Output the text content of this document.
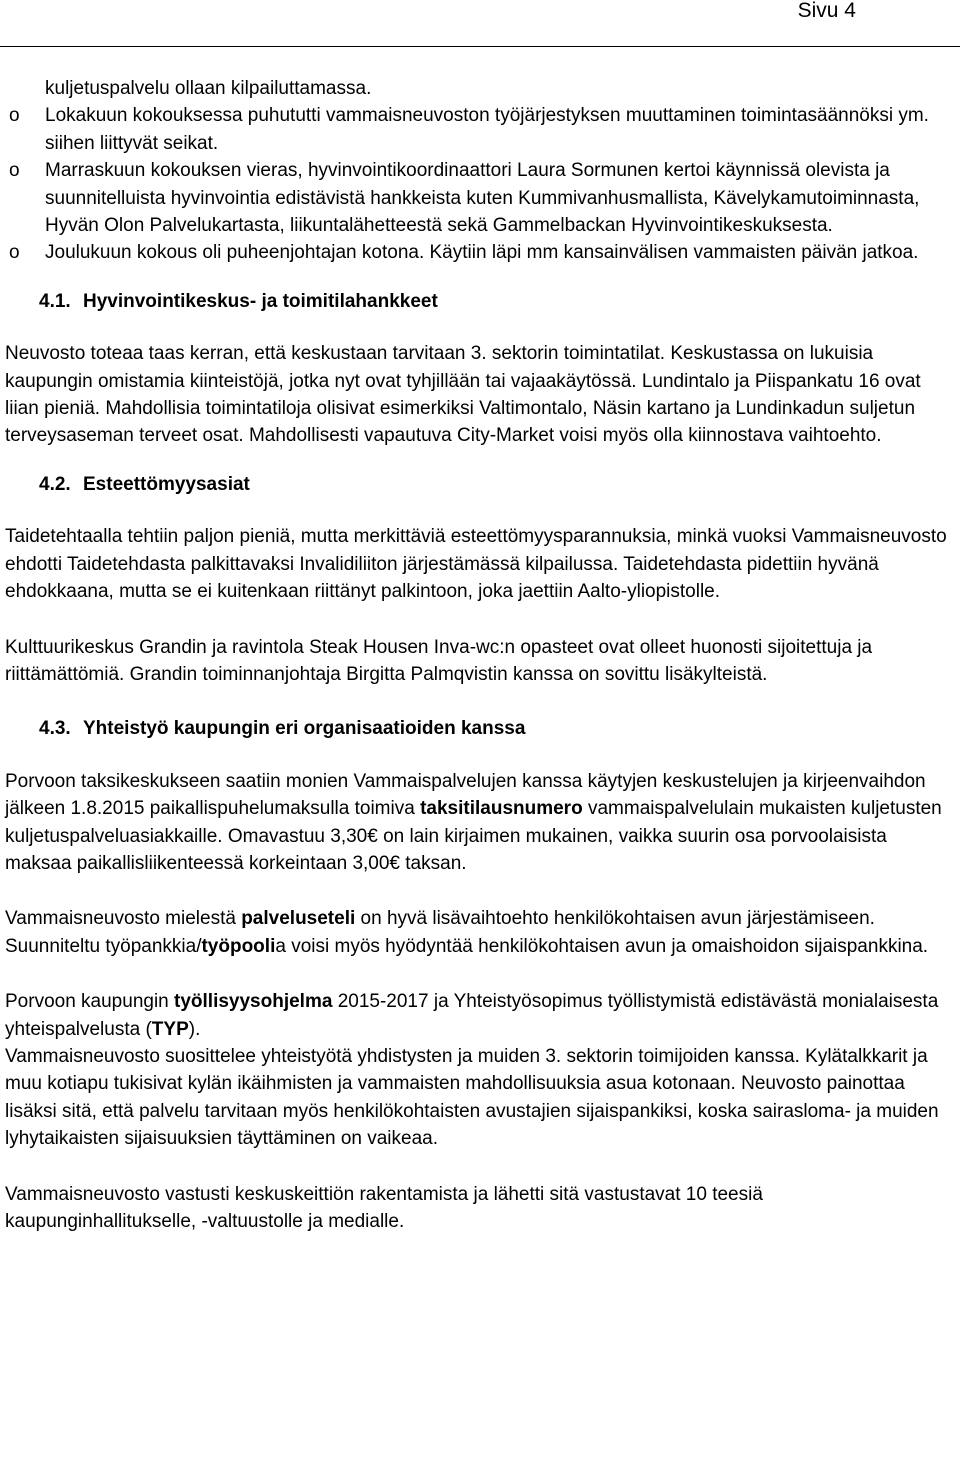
Sivu 4
kuljetuspalvelu ollaan kilpailuttamassa.
o Lokakuun kokouksessa puhututti vammaisneuvoston työjärjestyksen muuttaminen toimintasäännöksi ym. siihen liittyvät seikat.
o Marraskuun kokouksen vieras, hyvinvointikoordinaattori Laura Sormunen kertoi käynnissä olevista ja suunnitelluista hyvinvointia edistävistä hankkeista kuten Kummivanhusmallista, Kävelykamutoiminnasta, Hyvän Olon Palvelukartasta, liikuntalähetteestä sekä Gammelbackan Hyvinvointikeskuksesta.
o Joulukuun kokous oli puheenjohtajan kotona. Käytiin läpi mm kansainvälisen vammaisten päivän jatkoa.
4.1. Hyvinvointikeskus- ja toimitilahankkeet

Neuvosto toteaa taas kerran, että keskustaan tarvitaan 3. sektorin toimintatilat. Keskustassa on lukuisia kaupungin omistamia kiinteistöjä, jotka nyt ovat tyhjillään tai vajaakäytössä. Lundintalo ja Piispankatu 16 ovat liian pieniä. Mahdollisia toimintatiloja olisivat esimerkiksi Valtimontalo, Näsin kartano ja Lundinkadun suljetun terveysaseman terveet osat. Mahdollisesti vapautuva City-Market voisi myös olla kiinnostava vaihtoehto.

4.2. Esteettömyysasiat

Taidetehtaalla tehtiin paljon pieniä, mutta merkittäviä esteettömyysparannuksia, minkä vuoksi Vammaisneuvosto ehdotti Taidetehdasta palkittavaksi Invalidiliiton järjestämässä kilpailussa. Taidetehdasta pidettiin hyvänä ehdokkaana, mutta se ei kuitenkaan riittänyt palkintoon, joka jaettiin Aalto-yliopistolle.

Kulttuurikeskus Grandin ja ravintola Steak Housen Inva-wc:n opasteet ovat olleet huonosti sijoitettuja ja riittämättömiä. Grandin toiminnanjohtaja Birgitta Palmqvistin kanssa on sovittu lisäkylteistä.

4.3. Yhteistyö kaupungin eri organisaatioiden kanssa

Porvoon taksikeskukseen saatiin monien Vammaispalvelujen kanssa käytyjen keskustelujen ja kirjeenvaihdon jälkeen 1.8.2015 paikallispuhelumaksulla toimiva taksitilausnumero vammaispalvelulain mukaisten kuljetusten kuljetuspalveluasiakkaille. Omavastuu 3,30€ on lain kirjaimen mukainen, vaikka suurin osa porvoolaisista maksaa paikallisliikenteessä korkeintaan 3,00€ taksan.

Vammaisneuvosto mielestä palveluseteli on hyvä lisävaihtoehto henkilökohtaisen avun järjestämiseen. Suunniteltu työpankkia/työpoolia voisi myös hyödyntää henkilökohtaisen avun ja omaishoidon sijaispankkina.

Porvoon kaupungin työllisyysohjelma 2015-2017 ja Yhteistyösopimus työllistymistä edistävästä monialaisesta yhteispalvelusta (TYP).

Vammaisneuvosto suosittelee yhteistyötä yhdistysten ja muiden 3. sektorin toimijoiden kanssa. Kylätalkkarit ja muu kotiapu tukisivat kylän ikäihmisten ja vammaisten mahdollisuuksia asua kotonaan. Neuvosto painottaa lisäksi sitä, että palvelu tarvitaan myös henkilökohtaisten avustajien sijaispankiksi, koska sairasloma- ja muiden lyhytaikaisten sijaisuuksien täyttäminen on vaikeaa.

Vammaisneuvosto vastusti keskuskeittiön rakentamista ja lähetti sitä vastustavat 10 teesiä kaupunginhallitukselle, -valtuustolle ja medialle.
